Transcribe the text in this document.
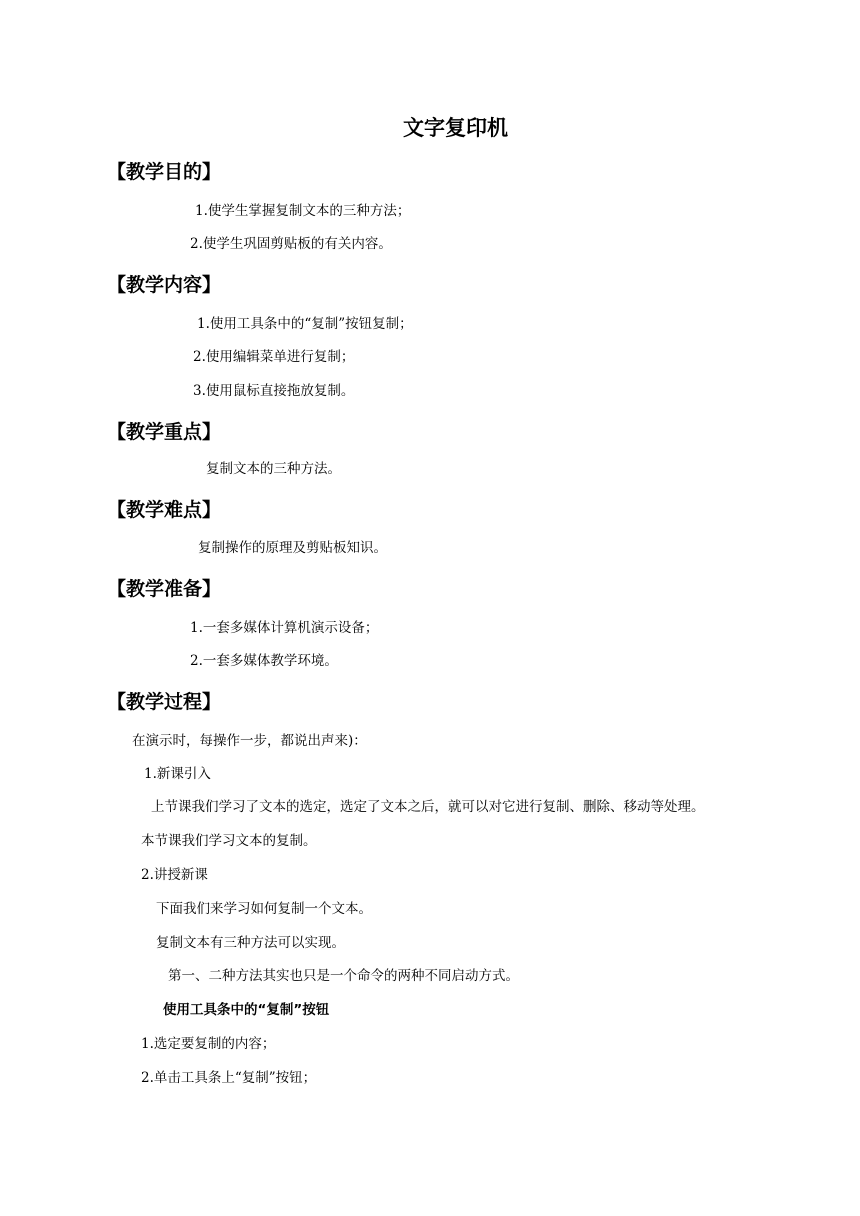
文字复印机
【教学目的】
1.使学生掌握复制文本的三种方法；
2.使学生巩固剪贴板的有关内容。
【教学内容】
1.使用工具条中的“复制”按钮复制；
2.使用编辑菜单进行复制；
3.使用鼠标直接拖放复制。
【教学重点】
复制文本的三种方法。
【教学难点】
复制操作的原理及剪贴板知识。
【教学准备】
1.一套多媒体计算机演示设备；
2.一套多媒体教学环境。
【教学过程】
在演示时，每操作一步，都说出声来)：
1.新课引入
上节课我们学习了文本的选定，选定了文本之后，就可以对它进行复制、删除、移动等处理。
本节课我们学习文本的复制。
2.讲授新课
下面我们来学习如何复制一个文本。
复制文本有三种方法可以实现。
第一、二种方法其实也只是一个命令的两种不同启动方式。
使用工具条中的“复制”按钮
1.选定要复制的内容；
2.单击工具条上“复制”按钮；
